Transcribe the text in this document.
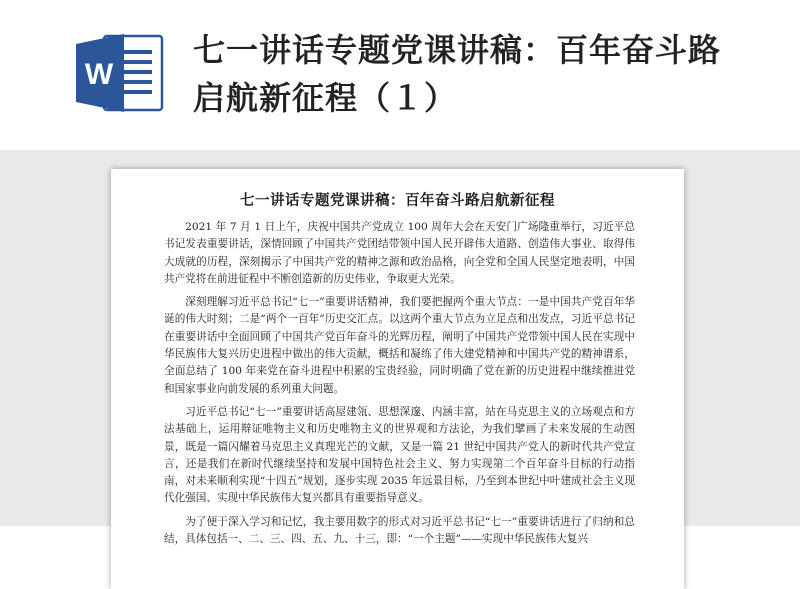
W
七一讲话专题党课讲稿：百年奋斗路启航新征程（１）
七一讲话专题党课讲稿：百年奋斗路启航新征程

2021 年 7 月 1 日上午，庆祝中国共产党成立 100 周年大会在天安门广场隆重举行，习近平总书记发表重要讲话，深情回顾了中国共产党团结带领中国人民开辟伟大道路、创造伟大事业、取得伟大成就的历程，深刻揭示了中国共产党的精神之源和政治品格，向全党和全国人民坚定地表明，中国共产党将在前进征程中不断创造新的历史伟业，争取更大光荣。

深刻理解习近平总书记“七一”重要讲话精神，我们要把握两个重大节点：一是中国共产党百年华诞的伟大时刻；二是“两个一百年”历史交汇点。以这两个重大节点为立足点和出发点，习近平总书记在重要讲话中全面回顾了中国共产党百年奋斗的光辉历程，阐明了中国共产党带领中国人民在实现中华民族伟大复兴历史进程中做出的伟大贡献，概括和凝练了伟大建党精神和中国共产党的精神谱系，全面总结了 100 年来党在奋斗进程中积累的宝贵经验，同时明确了党在新的历史进程中继续推进党和国家事业向前发展的系列重大问题。

习近平总书记“七一”重要讲话高屋建瓴、思想深邃、内涵丰富，站在马克思主义的立场观点和方法基础上，运用辩证唯物主义和历史唯物主义的世界观和方法论，为我们擘画了未来发展的生动图景，既是一篇闪耀着马克思主义真理光芒的文献，又是一篇 21 世纪中国共产党人的新时代共产党宣言，还是我们在新时代继续坚持和发展中国特色社会主义、努力实现第二个百年奋斗目标的行动指南，对未来顺利实现“十四五”规划，逐步实现 2035 年远景目标，乃至到本世纪中叶建成社会主义现代化强国、实现中华民族伟大复兴都具有重要指导意义。

为了便于深入学习和记忆，我主要用数字的形式对习近平总书记“七一”重要讲话进行了归纳和总结，具体包括一、二、三、四、五、九、十三，即：“一个主题”——实现中华民族伟大复兴
